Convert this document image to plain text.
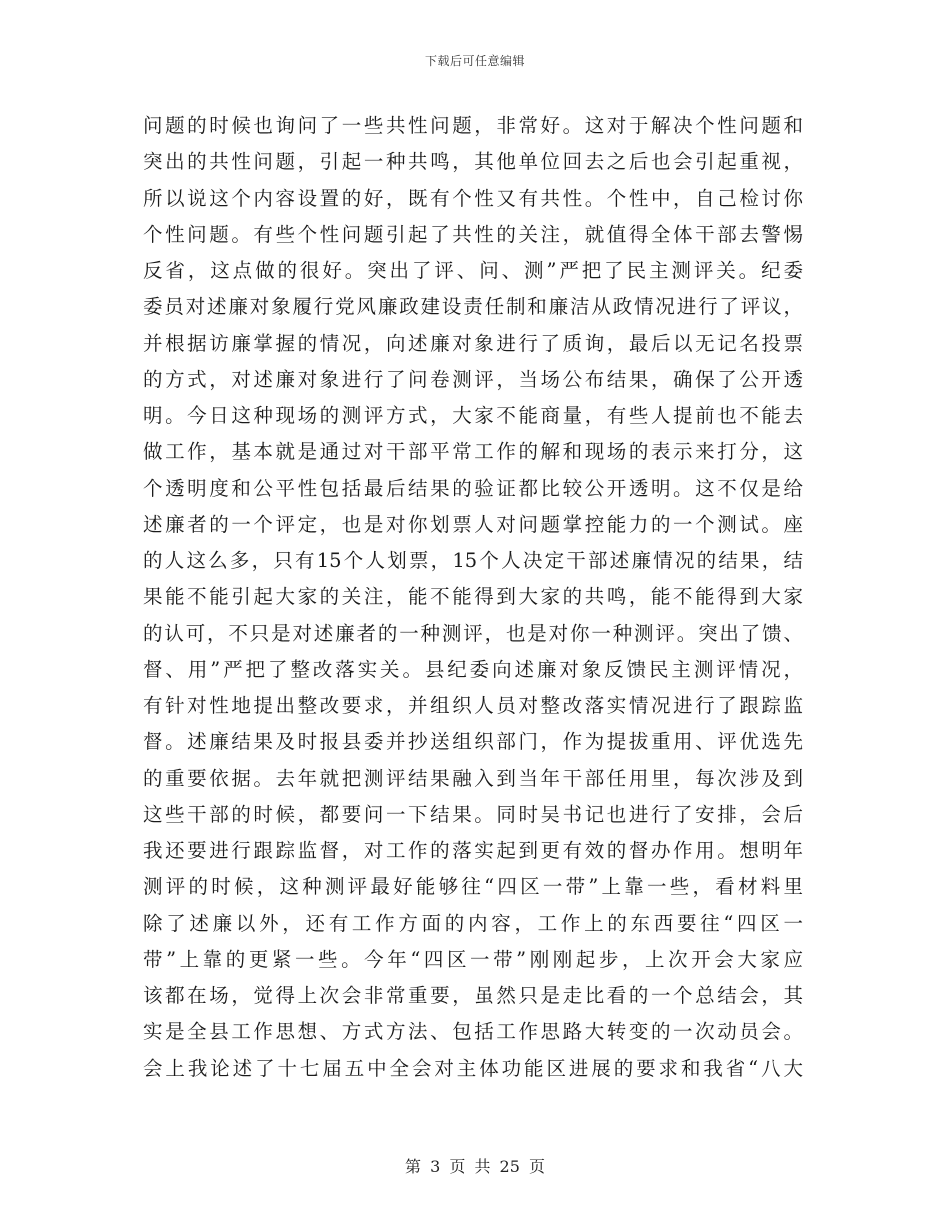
下载后可任意编辑
问题的时候也询问了一些共性问题，非常好。这对于解决个性问题和
突出的共性问题，引起一种共鸣，其他单位回去之后也会引起重视，
所以说这个内容设置的好，既有个性又有共性。个性中，自己检讨你
个性问题。有些个性问题引起了共性的关注，就值得全体干部去警惕
反省，这点做的很好。突出了评、问、测”严把了民主测评关。纪委
委员对述廉对象履行党风廉政建设责任制和廉洁从政情况进行了评议，
并根据访廉掌握的情况，向述廉对象进行了质询，最后以无记名投票
的方式，对述廉对象进行了问卷测评，当场公布结果，确保了公开透
明。今日这种现场的测评方式，大家不能商量，有些人提前也不能去
做工作，基本就是通过对干部平常工作的解和现场的表示来打分，这
个透明度和公平性包括最后结果的验证都比较公开透明。这不仅是给
述廉者的一个评定，也是对你划票人对问题掌控能力的一个测试。座
的人这么多，只有15个人划票，15个人决定干部述廉情况的结果，结
果能不能引起大家的关注，能不能得到大家的共鸣，能不能得到大家
的认可，不只是对述廉者的一种测评，也是对你一种测评。突出了馈、
督、用”严把了整改落实关。县纪委向述廉对象反馈民主测评情况，
有针对性地提出整改要求，并组织人员对整改落实情况进行了跟踪监
督。述廉结果及时报县委并抄送组织部门，作为提拔重用、评优选先
的重要依据。去年就把测评结果融入到当年干部任用里，每次涉及到
这些干部的时候，都要问一下结果。同时吴书记也进行了安排，会后
我还要进行跟踪监督，对工作的落实起到更有效的督办作用。想明年
测评的时候，这种测评最好能够往“四区一带”上靠一些，看材料里
除了述廉以外，还有工作方面的内容，工作上的东西要往“四区一
带”上靠的更紧一些。今年“四区一带”刚刚起步，上次开会大家应
该都在场，觉得上次会非常重要，虽然只是走比看的一个总结会，其
实是全县工作思想、方式方法、包括工作思路大转变的一次动员会。
会上我论述了十七届五中全会对主体功能区进展的要求和我省“八大
第 3 页 共 25 页
